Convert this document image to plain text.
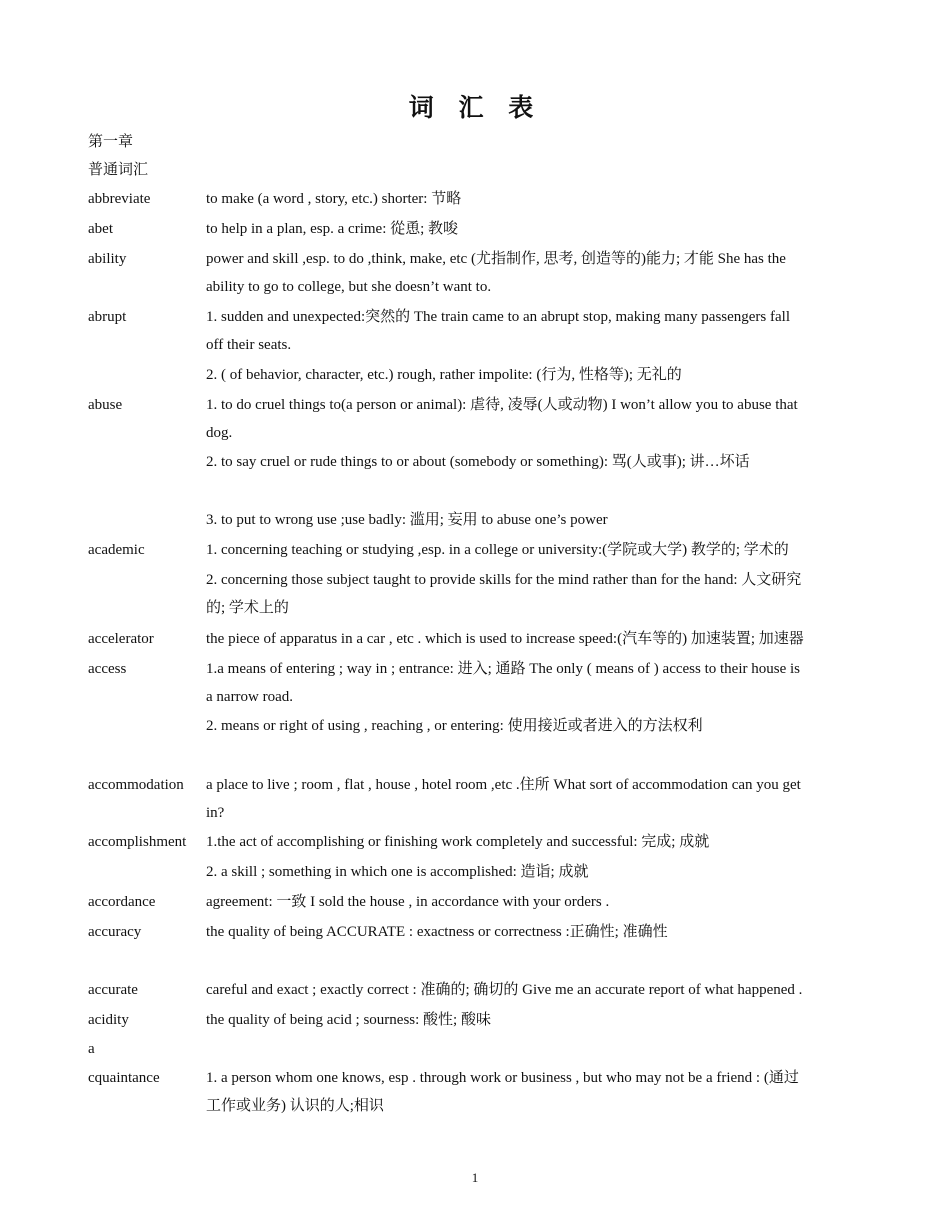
词 汇 表
第一章
普通词汇
abbreviate	to make (a word , story, etc.) shorter: 节略
abet	to help in a plan, esp. a crime: 從恿; 教唆
ability	power and skill ,esp. to do ,think, make, etc (尤指制作, 思考, 创造等的)能力; 才能 She has the
ability to go to college, but she doesn’t want to.
abrupt	1. sudden and unexpected:突然的 The train came to an abrupt stop, making many passengers fall
off their seats.
2. ( of behavior, character, etc.) rough, rather impolite: (行为, 性格等); 无礼的
abuse	1. to do cruel things to(a person or animal): 虐待, 凌辱(人或动物) I won’t allow you to abuse that
dog.
2. to say cruel or rude things to or about (somebody or something): 骂(人或事); 讲…坏话
3. to put to wrong use ;use badly: 滥用; 妄用 to abuse one’s power
academic	1. concerning teaching or studying ,esp. in a college or university:(学院或大学) 教学的; 学术的
2. concerning those subject taught to provide skills for the mind rather than for the hand: 人文研究
的; 学术上的
accelerator	the piece of apparatus in a car , etc . which is used to increase speed:(汽车等的) 加速装置; 加速器
access	1.a means of entering ; way in ; entrance: 进入; 通路 The only ( means of ) access to their house is
a narrow road.
2. means or right of using , reaching , or entering: 使用接近或者进入的方法权利
accommodation	a place to live ; room , flat , house , hotel room ,etc .住所 What sort of accommodation can you get
in?
accomplishment	1.the act of accomplishing or finishing work completely and successful: 完成; 成就
2. a skill ; something in which one is accomplished: 造诣; 成就
accordance	agreement: 一致 I sold the house , in accordance with your orders .
accuracy	the quality of being ACCURATE : exactness or correctness :正确性; 准确性
accurate	careful and exact ; exactly correct : 准确的; 确切的 Give me an accurate report of what happened .
acidity	the quality of being acid ; sourness: 酸性; 酸味
a
cquaintance	1. a person whom one knows, esp . through work or business , but who may not be a friend : (通过
工作或业务) 认识的人;相识
1
